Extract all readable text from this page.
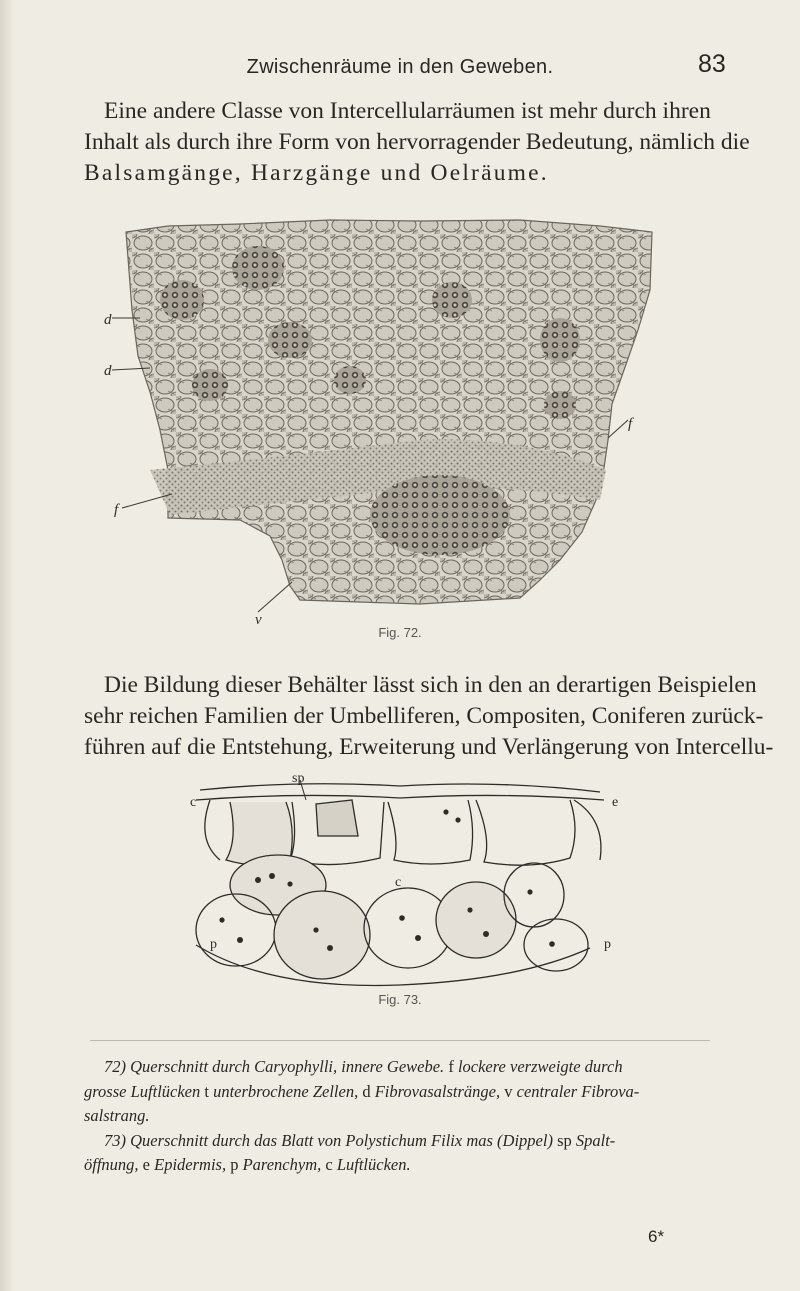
Zwischenräume in den Geweben.	83
Eine andere Classe von Intercellularräumen ist mehr durch ihren
Inhalt als durch ihre Form von hervorragender Bedeutung, nämlich die
Balsamgänge, Harzgänge und Oelräume.
d
d
f
f
v
Fig. 72.
Die Bildung dieser Behälter lässt sich in den an derartigen Beispielen
sehr reichen Familien der Umbelliferen, Compositen, Coniferen zurück-
führen auf die Entstehung, Erweiterung und Verlängerung von Intercellu-
sp
c
c
e
p	p
Fig. 73.
72) Querschnitt durch Caryophylli, innere Gewebe. f lockere verzweigte durch
grosse Luftlücken t unterbrochene Zellen, d Fibrovasalstränge, v centraler Fibrova-
salstrang.
73) Querschnitt durch das Blatt von Polystichum Filix mas (Dippel) sp Spalt-
öffnung, e Epidermis, p Parenchym, c Luftlücken.
6*
